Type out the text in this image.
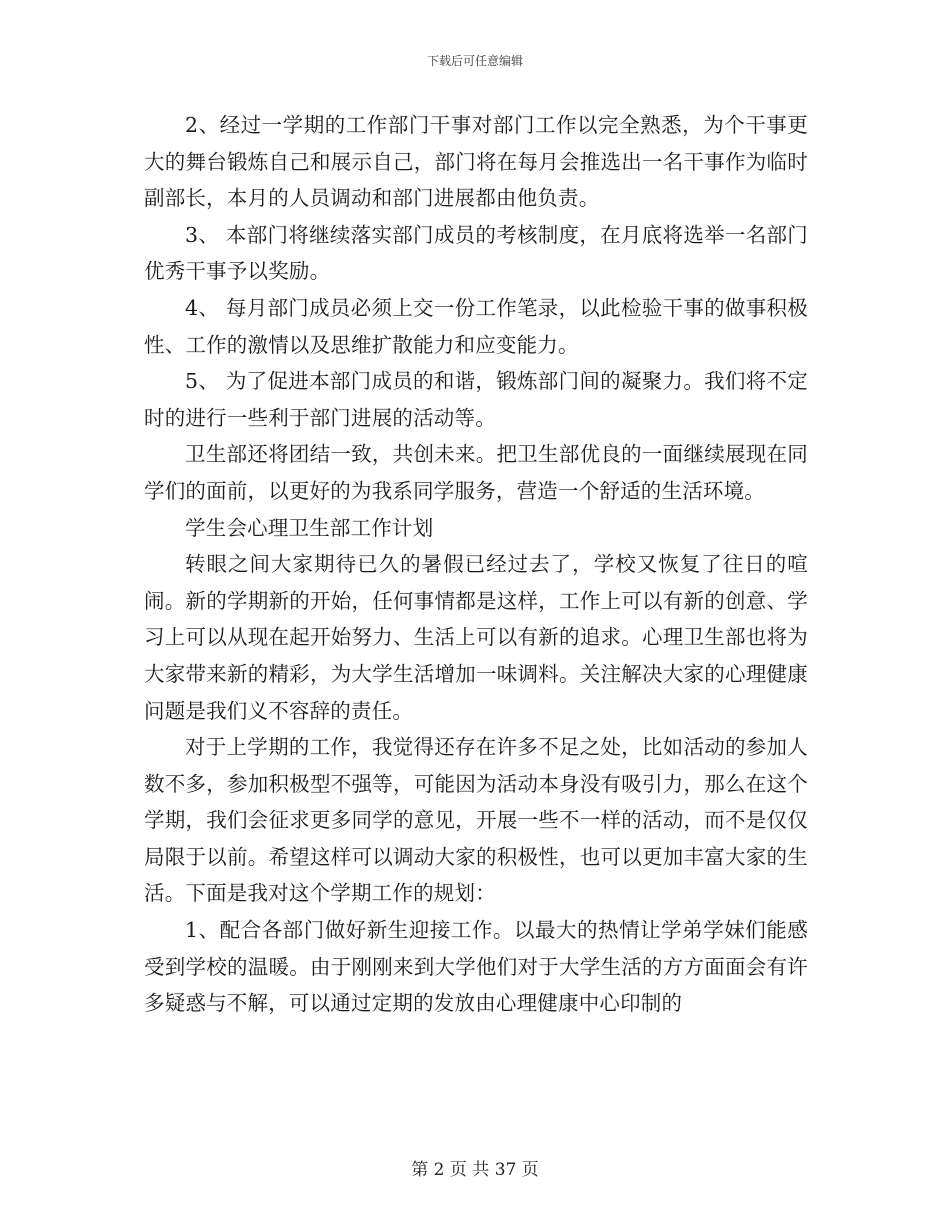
下载后可任意编辑

2、经过一学期的工作部门干事对部门工作以完全熟悉，为个干事更大的舞台锻炼自己和展示自己，部门将在每月会推选出一名干事作为临时副部长，本月的人员调动和部门进展都由他负责。

3、 本部门将继续落实部门成员的考核制度，在月底将选举一名部门优秀干事予以奖励。

4、 每月部门成员必须上交一份工作笔录，以此检验干事的做事积极性、工作的激情以及思维扩散能力和应变能力。

5、 为了促进本部门成员的和谐，锻炼部门间的凝聚力。我们将不定时的进行一些利于部门进展的活动等。

卫生部还将团结一致，共创未来。把卫生部优良的一面继续展现在同学们的面前，以更好的为我系同学服务，营造一个舒适的生活环境。

学生会心理卫生部工作计划

转眼之间大家期待已久的暑假已经过去了，学校又恢复了往日的喧闹。新的学期新的开始，任何事情都是这样，工作上可以有新的创意、学习上可以从现在起开始努力、生活上可以有新的追求。心理卫生部也将为大家带来新的精彩，为大学生活增加一味调料。关注解决大家的心理健康问题是我们义不容辞的责任。

对于上学期的工作，我觉得还存在许多不足之处，比如活动的参加人数不多，参加积极型不强等，可能因为活动本身没有吸引力，那么在这个学期，我们会征求更多同学的意见，开展一些不一样的活动，而不是仅仅局限于以前。希望这样可以调动大家的积极性，也可以更加丰富大家的生活。下面是我对这个学期工作的规划：

1、配合各部门做好新生迎接工作。以最大的热情让学弟学妹们能感受到学校的温暖。由于刚刚来到大学他们对于大学生活的方方面面会有许多疑惑与不解，可以通过定期的发放由心理健康中心印制的

第 2 页 共 37 页
